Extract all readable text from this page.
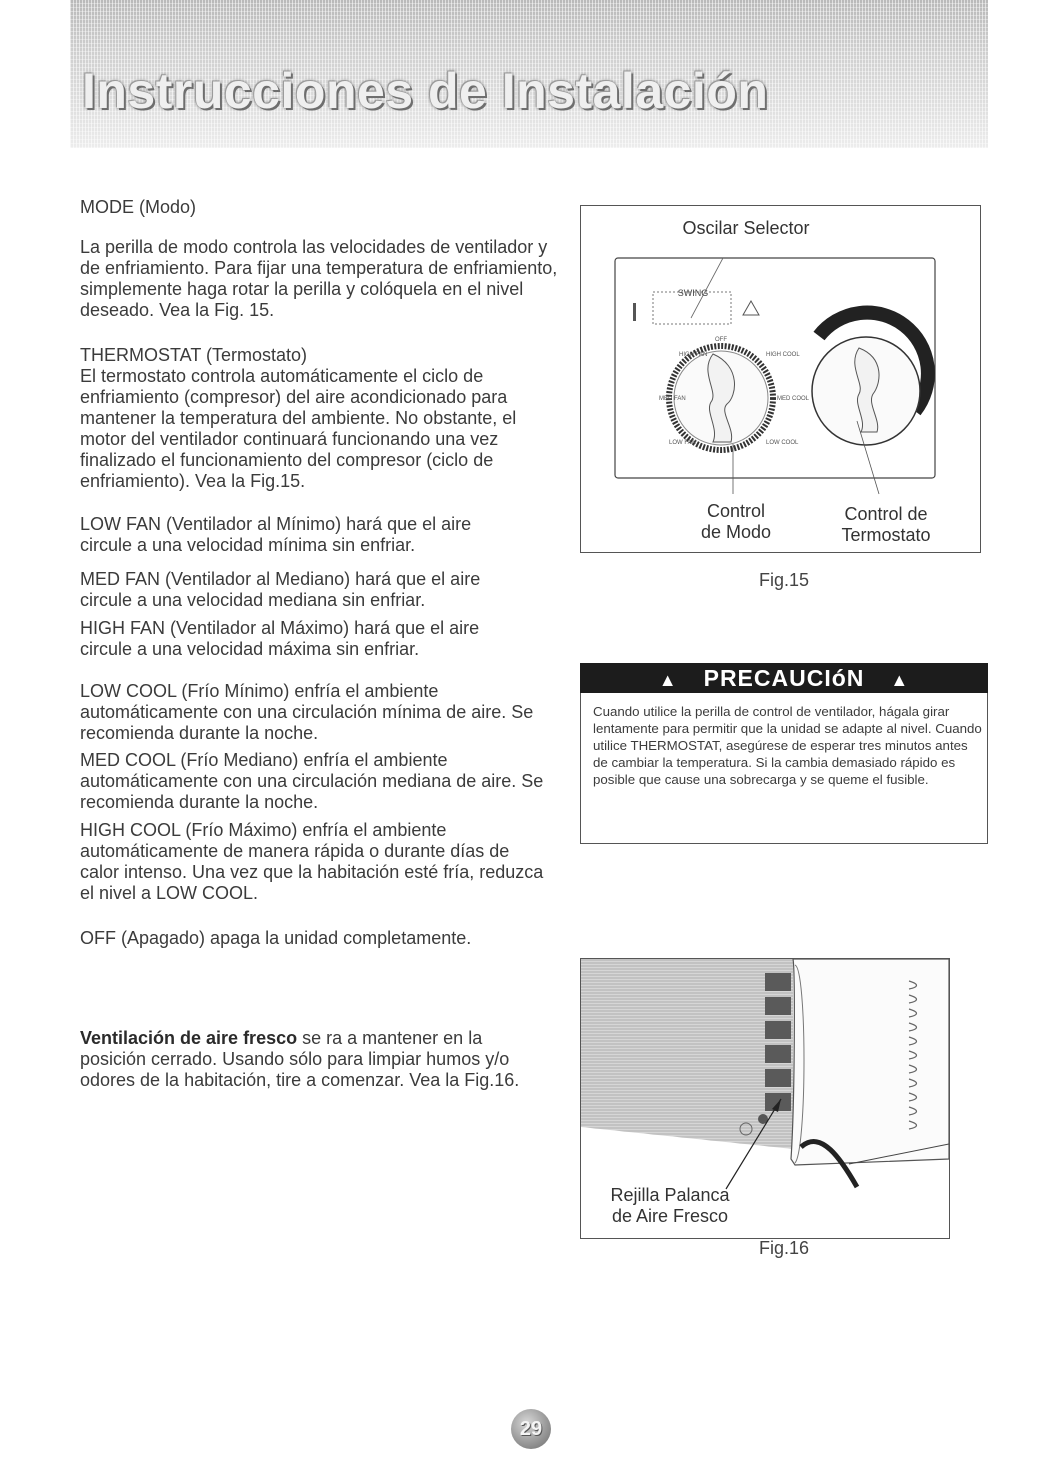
Instrucciones de Instalación

MODE (Modo)

La perilla de modo controla las velocidades de ventilador y de enfriamiento. Para fijar una temperatura de enfriamiento, simplemente haga rotar la perilla y colóquela en el nivel deseado. Vea la Fig. 15.

THERMOSTAT (Termostato)

El termostato controla automáticamente el ciclo de enfriamiento (compresor) del aire acondicionado para mantener la temperatura del ambiente. No obstante, el motor del ventilador continuará funcionando una vez finalizado el funcionamiento del compresor (ciclo de enfriamiento). Vea la Fig.15.

LOW FAN (Ventilador al Mínimo) hará que el aire circule a una velocidad mínima sin enfriar.

MED FAN (Ventilador al Mediano) hará que el aire circule a una velocidad mediana sin enfriar.

HIGH FAN (Ventilador al Máximo) hará que el aire circule a una velocidad máxima sin enfriar.

LOW COOL (Frío Mínimo) enfría el ambiente automáticamente con una circulación mínima de aire. Se recomienda durante la noche.

MED COOL (Frío Mediano) enfría el ambiente automáticamente con una circulación mediana de aire. Se recomienda durante la noche.

HIGH COOL (Frío Máximo) enfría el ambiente automáticamente de manera rápida o durante días de calor intenso. Una vez que la habitación esté fría, reduzca el nivel a LOW COOL.

OFF (Apagado) apaga la unidad completamente.

Ventilación de aire fresco se ra a mantener en la posición cerrado. Usando sólo para limpiar humos y/o odores de la habitación, tire a comenzar. Vea la Fig.16.

Oscilar Selector
SWING
OFF
HIGH FAN	HIGH COOL
MED FAN	MED COOL
LOW FAN	LOW COOL
Control
de Modo
Control de
Termostato
Fig.15
▲ PRECAUCIóN ▲

Cuando utilice la perilla de control de ventilador, hágala girar lentamente para permitir que la unidad se adapte al nivel. Cuando utilice THERMOSTAT, asegúrese de esperar tres minutos antes de cambiar la temperatura. Si la cambia demasiado rápido es posible que cause una sobrecarga y se queme el fusible.

Rejilla Palanca
de Aire Fresco
Fig.16
29
